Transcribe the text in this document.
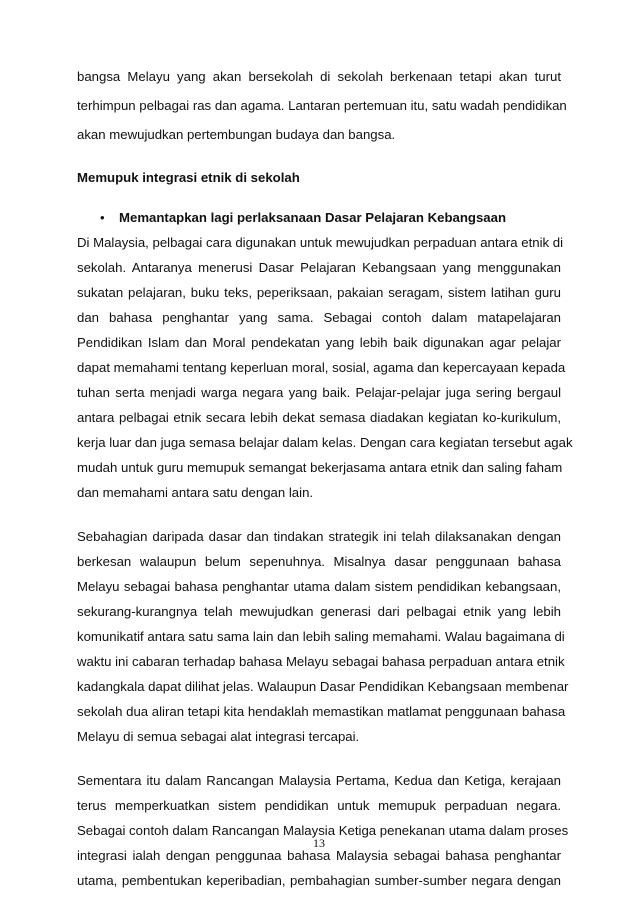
bangsa Melayu yang akan bersekolah di sekolah berkenaan tetapi akan turut
terhimpun pelbagai ras dan agama. Lantaran pertemuan itu, satu wadah pendidikan
akan mewujudkan pertembungan budaya dan bangsa.
Memupuk integrasi etnik di sekolah
• Memantapkan lagi perlaksanaan Dasar Pelajaran Kebangsaan
Di Malaysia, pelbagai cara digunakan untuk mewujudkan perpaduan antara etnik di
sekolah. Antaranya menerusi Dasar Pelajaran Kebangsaan yang menggunakan
sukatan pelajaran, buku teks, peperiksaan, pakaian seragam, sistem latihan guru
dan bahasa penghantar yang sama. Sebagai contoh dalam matapelajaran
Pendidikan Islam dan Moral pendekatan yang lebih baik digunakan agar pelajar
dapat memahami tentang keperluan moral, sosial, agama dan kepercayaan kepada
tuhan serta menjadi warga negara yang baik. Pelajar-pelajar juga sering bergaul
antara pelbagai etnik secara lebih dekat semasa diadakan kegiatan ko-kurikulum,
kerja luar dan juga semasa belajar dalam kelas. Dengan cara kegiatan tersebut agak
mudah untuk guru memupuk semangat bekerjasama antara etnik dan saling faham
dan memahami antara satu dengan lain.
Sebahagian daripada dasar dan tindakan strategik ini telah dilaksanakan dengan
berkesan walaupun belum sepenuhnya. Misalnya dasar penggunaan bahasa
Melayu sebagai bahasa penghantar utama dalam sistem pendidikan kebangsaan,
sekurang-kurangnya telah mewujudkan generasi dari pelbagai etnik yang lebih
komunikatif antara satu sama lain dan lebih saling memahami. Walau bagaimana di
waktu ini cabaran terhadap bahasa Melayu sebagai bahasa perpaduan antara etnik
kadangkala dapat dilihat jelas. Walaupun Dasar Pendidikan Kebangsaan membenar
sekolah dua aliran tetapi kita hendaklah memastikan matlamat penggunaan bahasa
Melayu di semua sebagai alat integrasi tercapai.
Sementara itu dalam Rancangan Malaysia Pertama, Kedua dan Ketiga, kerajaan
terus memperkuatkan sistem pendidikan untuk memupuk perpaduan negara.
Sebagai contoh dalam Rancangan Malaysia Ketiga penekanan utama dalam proses
integrasi ialah dengan penggunaa bahasa Malaysia sebagai bahasa penghantar
utama, pembentukan keperibadian, pembahagian sumber-sumber negara dengan
13
